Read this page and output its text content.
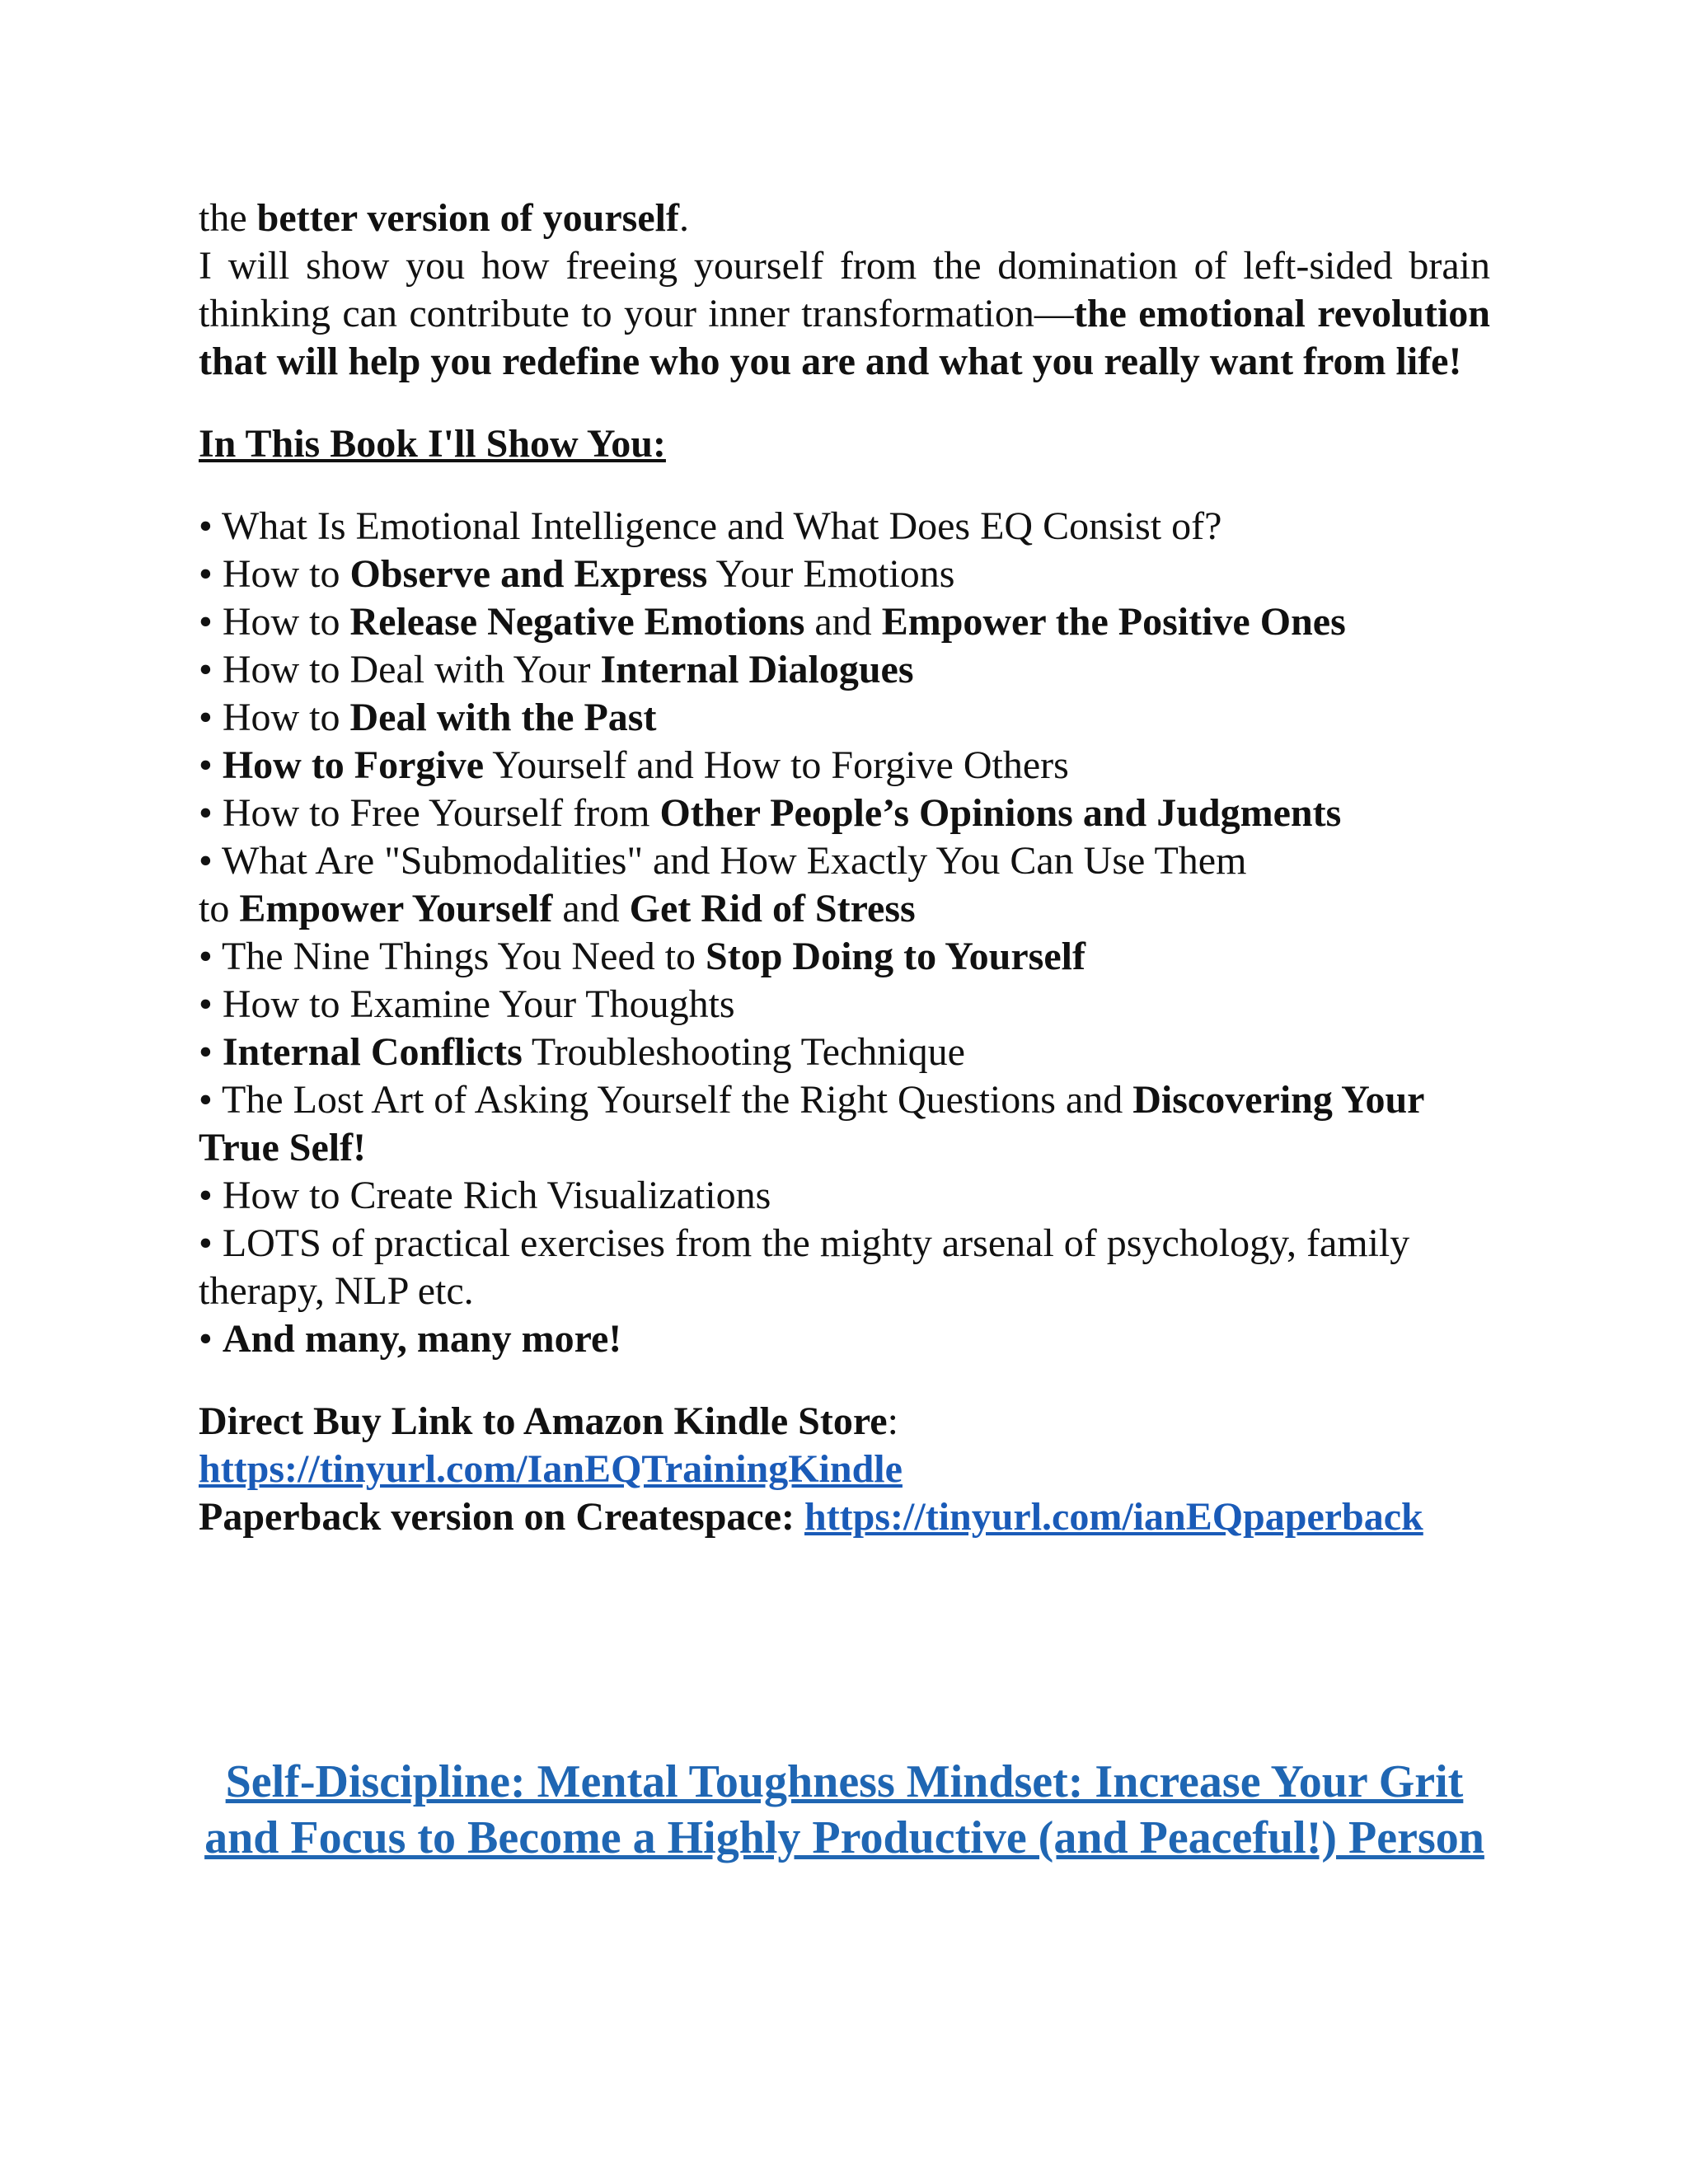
the better version of yourself.

I will show you how freeing yourself from the domination of left-sided brain thinking can contribute to your inner transformation—the emotional revolution that will help you redefine who you are and what you really want from life!

In This Book I'll Show You:
• What Is Emotional Intelligence and What Does EQ Consist of?
• How to Observe and Express Your Emotions
• How to Release Negative Emotions and Empower the Positive Ones
• How to Deal with Your Internal Dialogues
• How to Deal with the Past
• How to Forgive Yourself and How to Forgive Others
• How to Free Yourself from Other People’s Opinions and Judgments
• What Are "Submodalities" and How Exactly You Can Use Them
to Empower Yourself and Get Rid of Stress
• The Nine Things You Need to Stop Doing to Yourself
• How to Examine Your Thoughts
• Internal Conflicts Troubleshooting Technique
• The Lost Art of Asking Yourself the Right Questions and Discovering Your True Self!
• How to Create Rich Visualizations
• LOTS of practical exercises from the mighty arsenal of psychology, family therapy, NLP etc.
• And many, many more!
Direct Buy Link to Amazon Kindle Store:
https://tinyurl.com/IanEQTrainingKindle
Paperback version on Createspace: https://tinyurl.com/ianEQpaperback
Self-Discipline: Mental Toughness Mindset: Increase Your Grit and Focus to Become a Highly Productive (and Peaceful!) Person
